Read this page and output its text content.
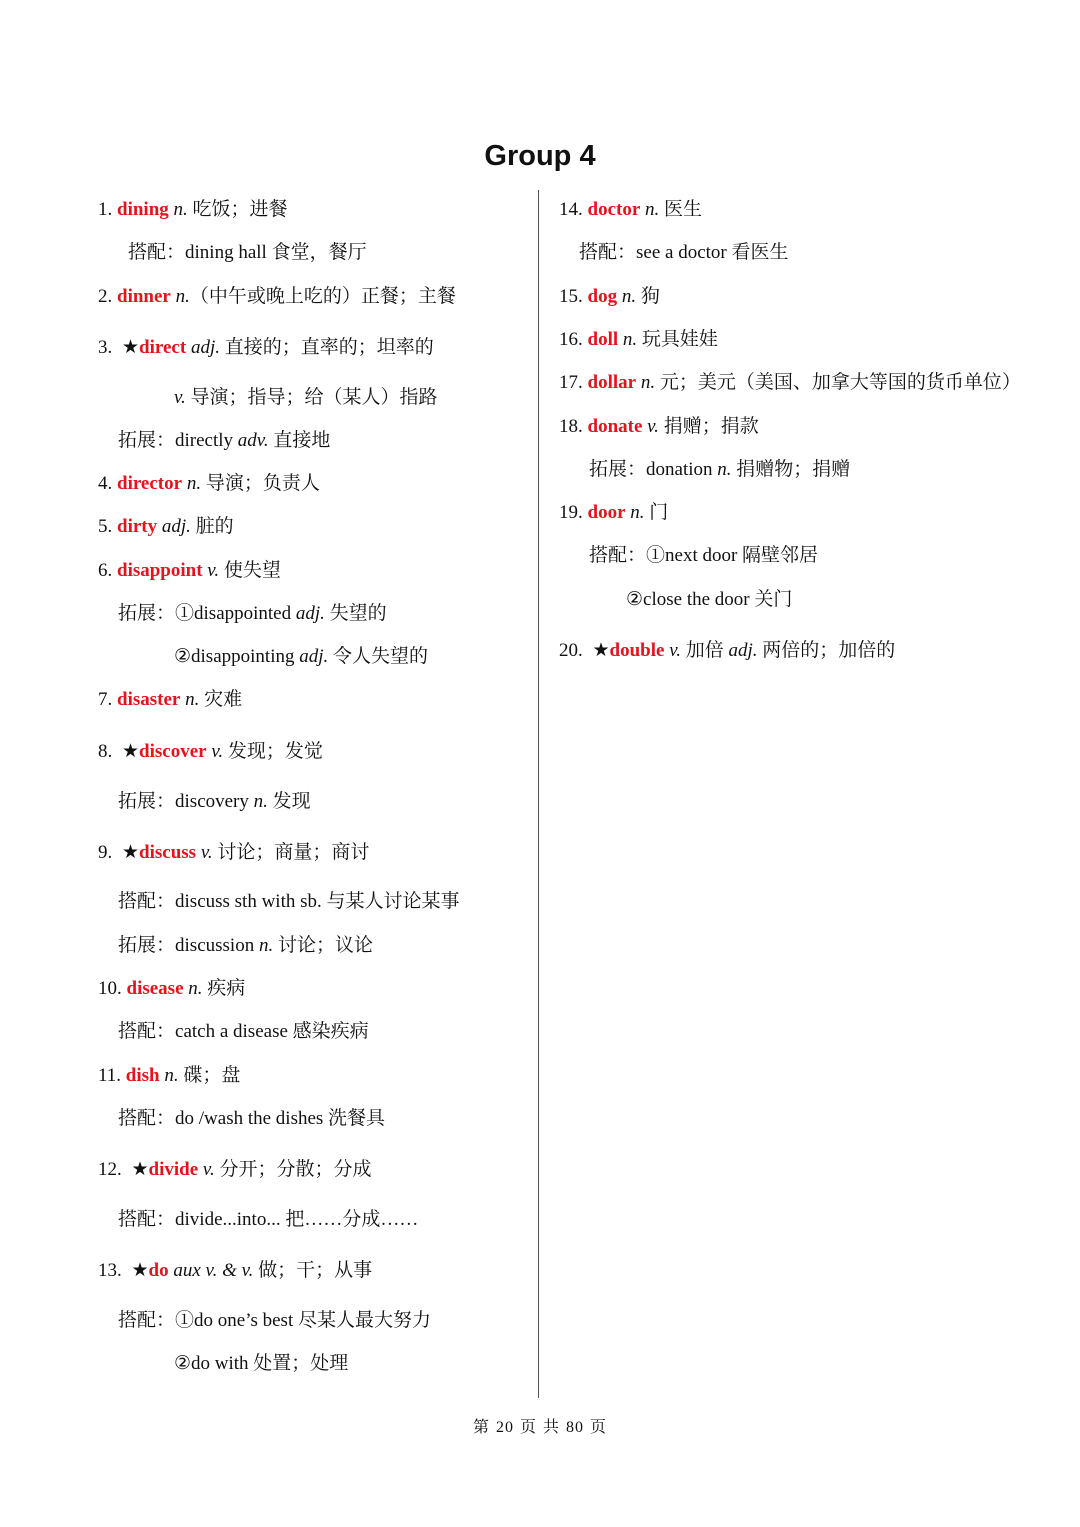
Group 4
1. dining n. 吃饭；进餐
搭配：dining hall 食堂，餐厅
2. dinner n.（中午或晚上吃的）正餐；主餐
3. ★direct adj. 直接的；直率的；坦率的
v. 导演；指导；给（某人）指路
拓展：directly adv. 直接地
4. director n. 导演；负责人
5. dirty adj. 脏的
6. disappoint v. 使失望
拓展：①disappointed adj. 失望的
②disappointing adj. 令人失望的
7. disaster n. 灾难
8. ★discover v. 发现；发觉
拓展：discovery n. 发现
9. ★discuss v. 讨论；商量；商讨
搭配：discuss sth with sb. 与某人讨论某事
拓展：discussion n. 讨论；议论
10. disease n. 疾病
搭配：catch a disease 感染疾病
11. dish n. 碟；盘
搭配：do /wash the dishes 洗餐具
12. ★divide v. 分开；分散；分成
搭配：divide...into... 把……分成……
13. ★do aux v. & v. 做；干；从事
搭配：①do one’s best 尽某人最大努力
②do with 处置；处理
14. doctor n. 医生
搭配：see a doctor 看医生
15. dog n. 狗
16. doll n. 玩具娃娃
17. dollar n. 元；美元（美国、加拿大等国的货币单位）
18. donate v. 捐赠；捐款
拓展：donation n. 捐赠物；捐赠
19. door n. 门
搭配：①next door 隔壁邻居
②close the door 关门
20. ★double v. 加倍 adj. 两倍的；加倍的
第 20 页 共 80 页
